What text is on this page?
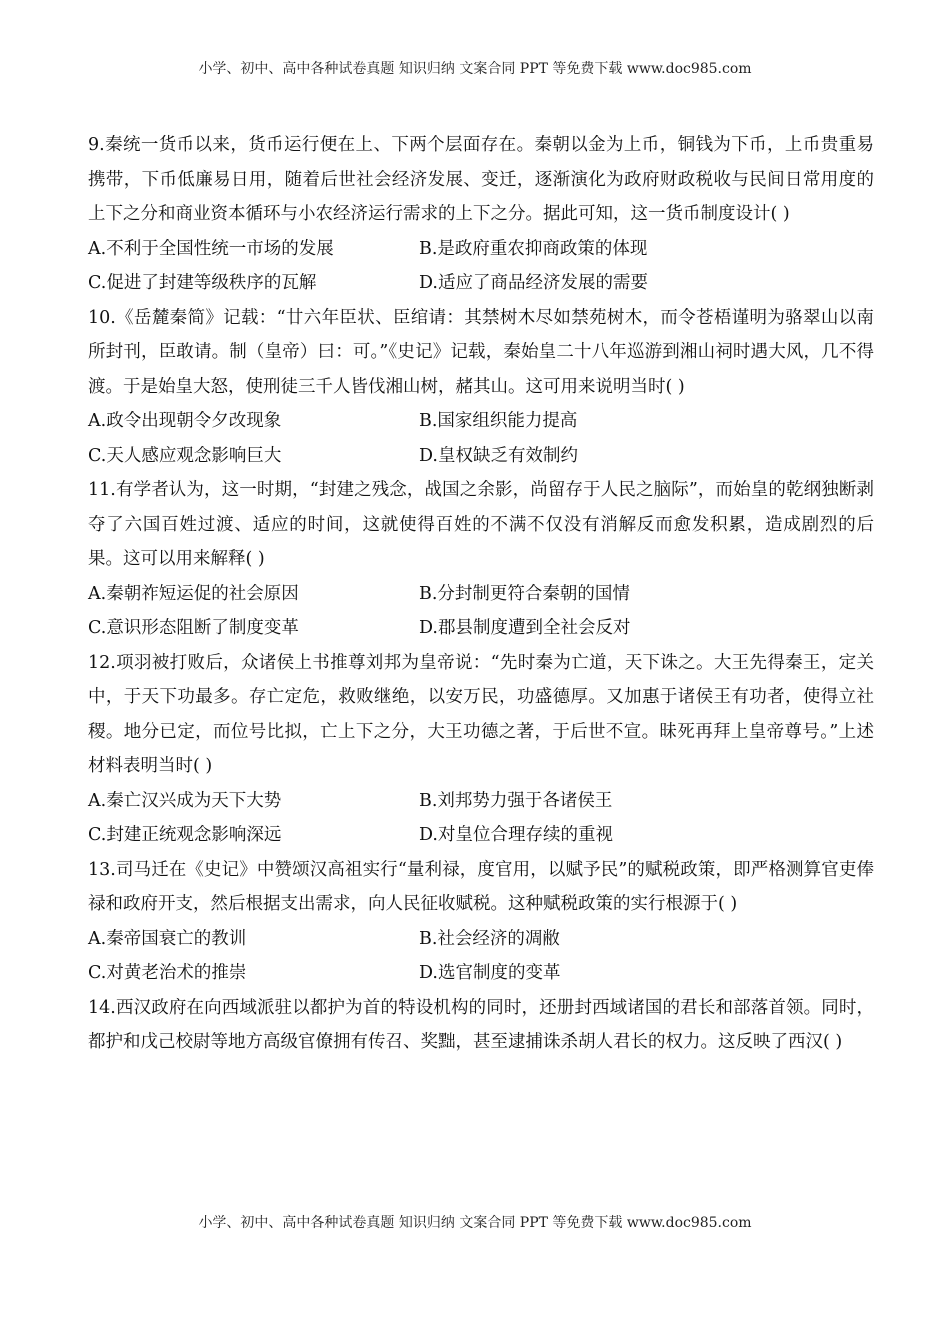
小学、初中、高中各种试卷真题 知识归纳 文案合同 PPT 等免费下载 www.doc985.com

9.秦统一货币以来，货币运行便在上、下两个层面存在。秦朝以金为上币，铜钱为下币，上币贵重易携带，下币低廉易日用，随着后世社会经济发展、变迁，逐渐演化为政府财政税收与民间日常用度的上下之分和商业资本循环与小农经济运行需求的上下之分。据此可知，这一货币制度设计( )

A.不利于全国性统一市场的发展	B.是政府重农抑商政策的体现
C.促进了封建等级秩序的瓦解	D.适应了商品经济发展的需要

10.《岳麓秦简》记载：“廿六年臣状、臣绾请：其禁树木尽如禁苑树木，而令苍梧谨明为骆翠山以南所封刊，臣敢请。制（皇帝）曰：可。”《史记》记载，秦始皇二十八年巡游到湘山祠时遇大风，几不得渡。于是始皇大怒，使刑徒三千人皆伐湘山树，赭其山。这可用来说明当时( )

A.政令出现朝令夕改现象	B.国家组织能力提高
C.天人感应观念影响巨大	D.皇权缺乏有效制约

11.有学者认为，这一时期，“封建之残念，战国之余影，尚留存于人民之脑际”，而始皇的乾纲独断剥夺了六国百姓过渡、适应的时间，这就使得百姓的不满不仅没有消解反而愈发积累，造成剧烈的后果。这可以用来解释( )

A.秦朝祚短运促的社会原因	B.分封制更符合秦朝的国情
C.意识形态阻断了制度变革	D.郡县制度遭到全社会反对

12.项羽被打败后，众诸侯上书推尊刘邦为皇帝说：“先时秦为亡道，天下诛之。大王先得秦王，定关中，于天下功最多。存亡定危，救败继绝，以安万民，功盛德厚。又加惠于诸侯王有功者，使得立社稷。地分已定，而位号比拟，亡上下之分，大王功德之著，于后世不宣。昧死再拜上皇帝尊号。”上述材料表明当时( )

A.秦亡汉兴成为天下大势	B.刘邦势力强于各诸侯王
C.封建正统观念影响深远	D.对皇位合理存续的重视

13.司马迁在《史记》中赞颂汉高祖实行“量利禄，度官用，以赋予民”的赋税政策，即严格测算官吏俸禄和政府开支，然后根据支出需求，向人民征收赋税。这种赋税政策的实行根源于( )

A.秦帝国衰亡的教训	B.社会经济的凋敝
C.对黄老治术的推崇	D.选官制度的变革

14.西汉政府在向西域派驻以都护为首的特设机构的同时，还册封西域诸国的君长和部落首领。同时，都护和戊己校尉等地方高级官僚拥有传召、奖黜，甚至逮捕诛杀胡人君长的权力。这反映了西汉( )

小学、初中、高中各种试卷真题 知识归纳 文案合同 PPT 等免费下载 www.doc985.com
